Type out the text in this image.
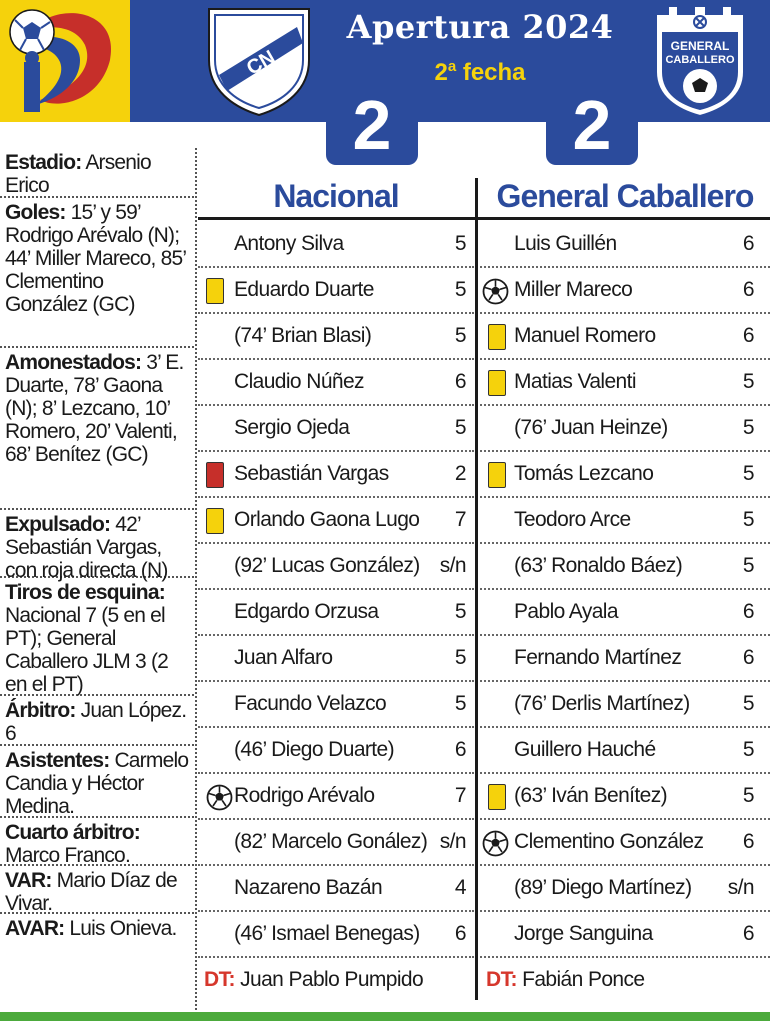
CN
GENERAL
CABALLERO
Apertura 2024
2$^a$ fecha
2	2
Estadio: Arsenio Erico
Goles: 15’ y 59’ Rodrigo Arévalo (N); 44’ Miller Mareco, 85’ Clementino González (GC)
Amonestados: 3’ E. Duarte, 78’ Gaona (N); 8’ Lezcano, 10’ Romero, 20’ Valenti, 68’ Benítez (GC)
Expulsado: 42’ Sebastián Vargas, con roja directa (N)
Tiros de esquina: Nacional 7 (5 en el PT); General Caballero JLM 3 (2 en el PT)
Árbitro: Juan López. 6
Asistentes: Carmelo Candia y Héctor Medina.
Cuarto árbitro: Marco Franco.
VAR: Mario Díaz de Vivar.
AVAR: Luis Onieva.
Nacional	General Caballero
Antony Silva	5
Eduardo Duarte	5
(74’ Brian Blasi)	5
Claudio Núñez	6
Sergio Ojeda	5
Sebastián Vargas	2
Orlando Gaona Lugo 7
(92’ Lucas González) s/n
Edgardo Orzusa	5
Juan Alfaro	5
Facundo Velazco	5
(46’ Diego Duarte)	6
Rodrigo Arévalo	7
(82’ Marcelo Gonález) s/n
Nazareno Bazán	4
(46’ Ismael Benegas) 6
DT: Juan Pablo Pumpido
Luis Guillén	6
Miller Mareco	6
Manuel Romero	6
Matias Valenti	5
(76’ Juan Heinze)	5
Tomás Lezcano	5
Teodoro Arce	5
(63’ Ronaldo Báez)	5
Pablo Ayala	6
Fernando Martínez	6
(76’ Derlis Martínez)	5
Guillero Hauché	5
(63’ Iván Benítez)	5
Clementino González 6
(89’ Diego Martínez) s/n
Jorge Sanguina	6
DT: Fabián Ponce
